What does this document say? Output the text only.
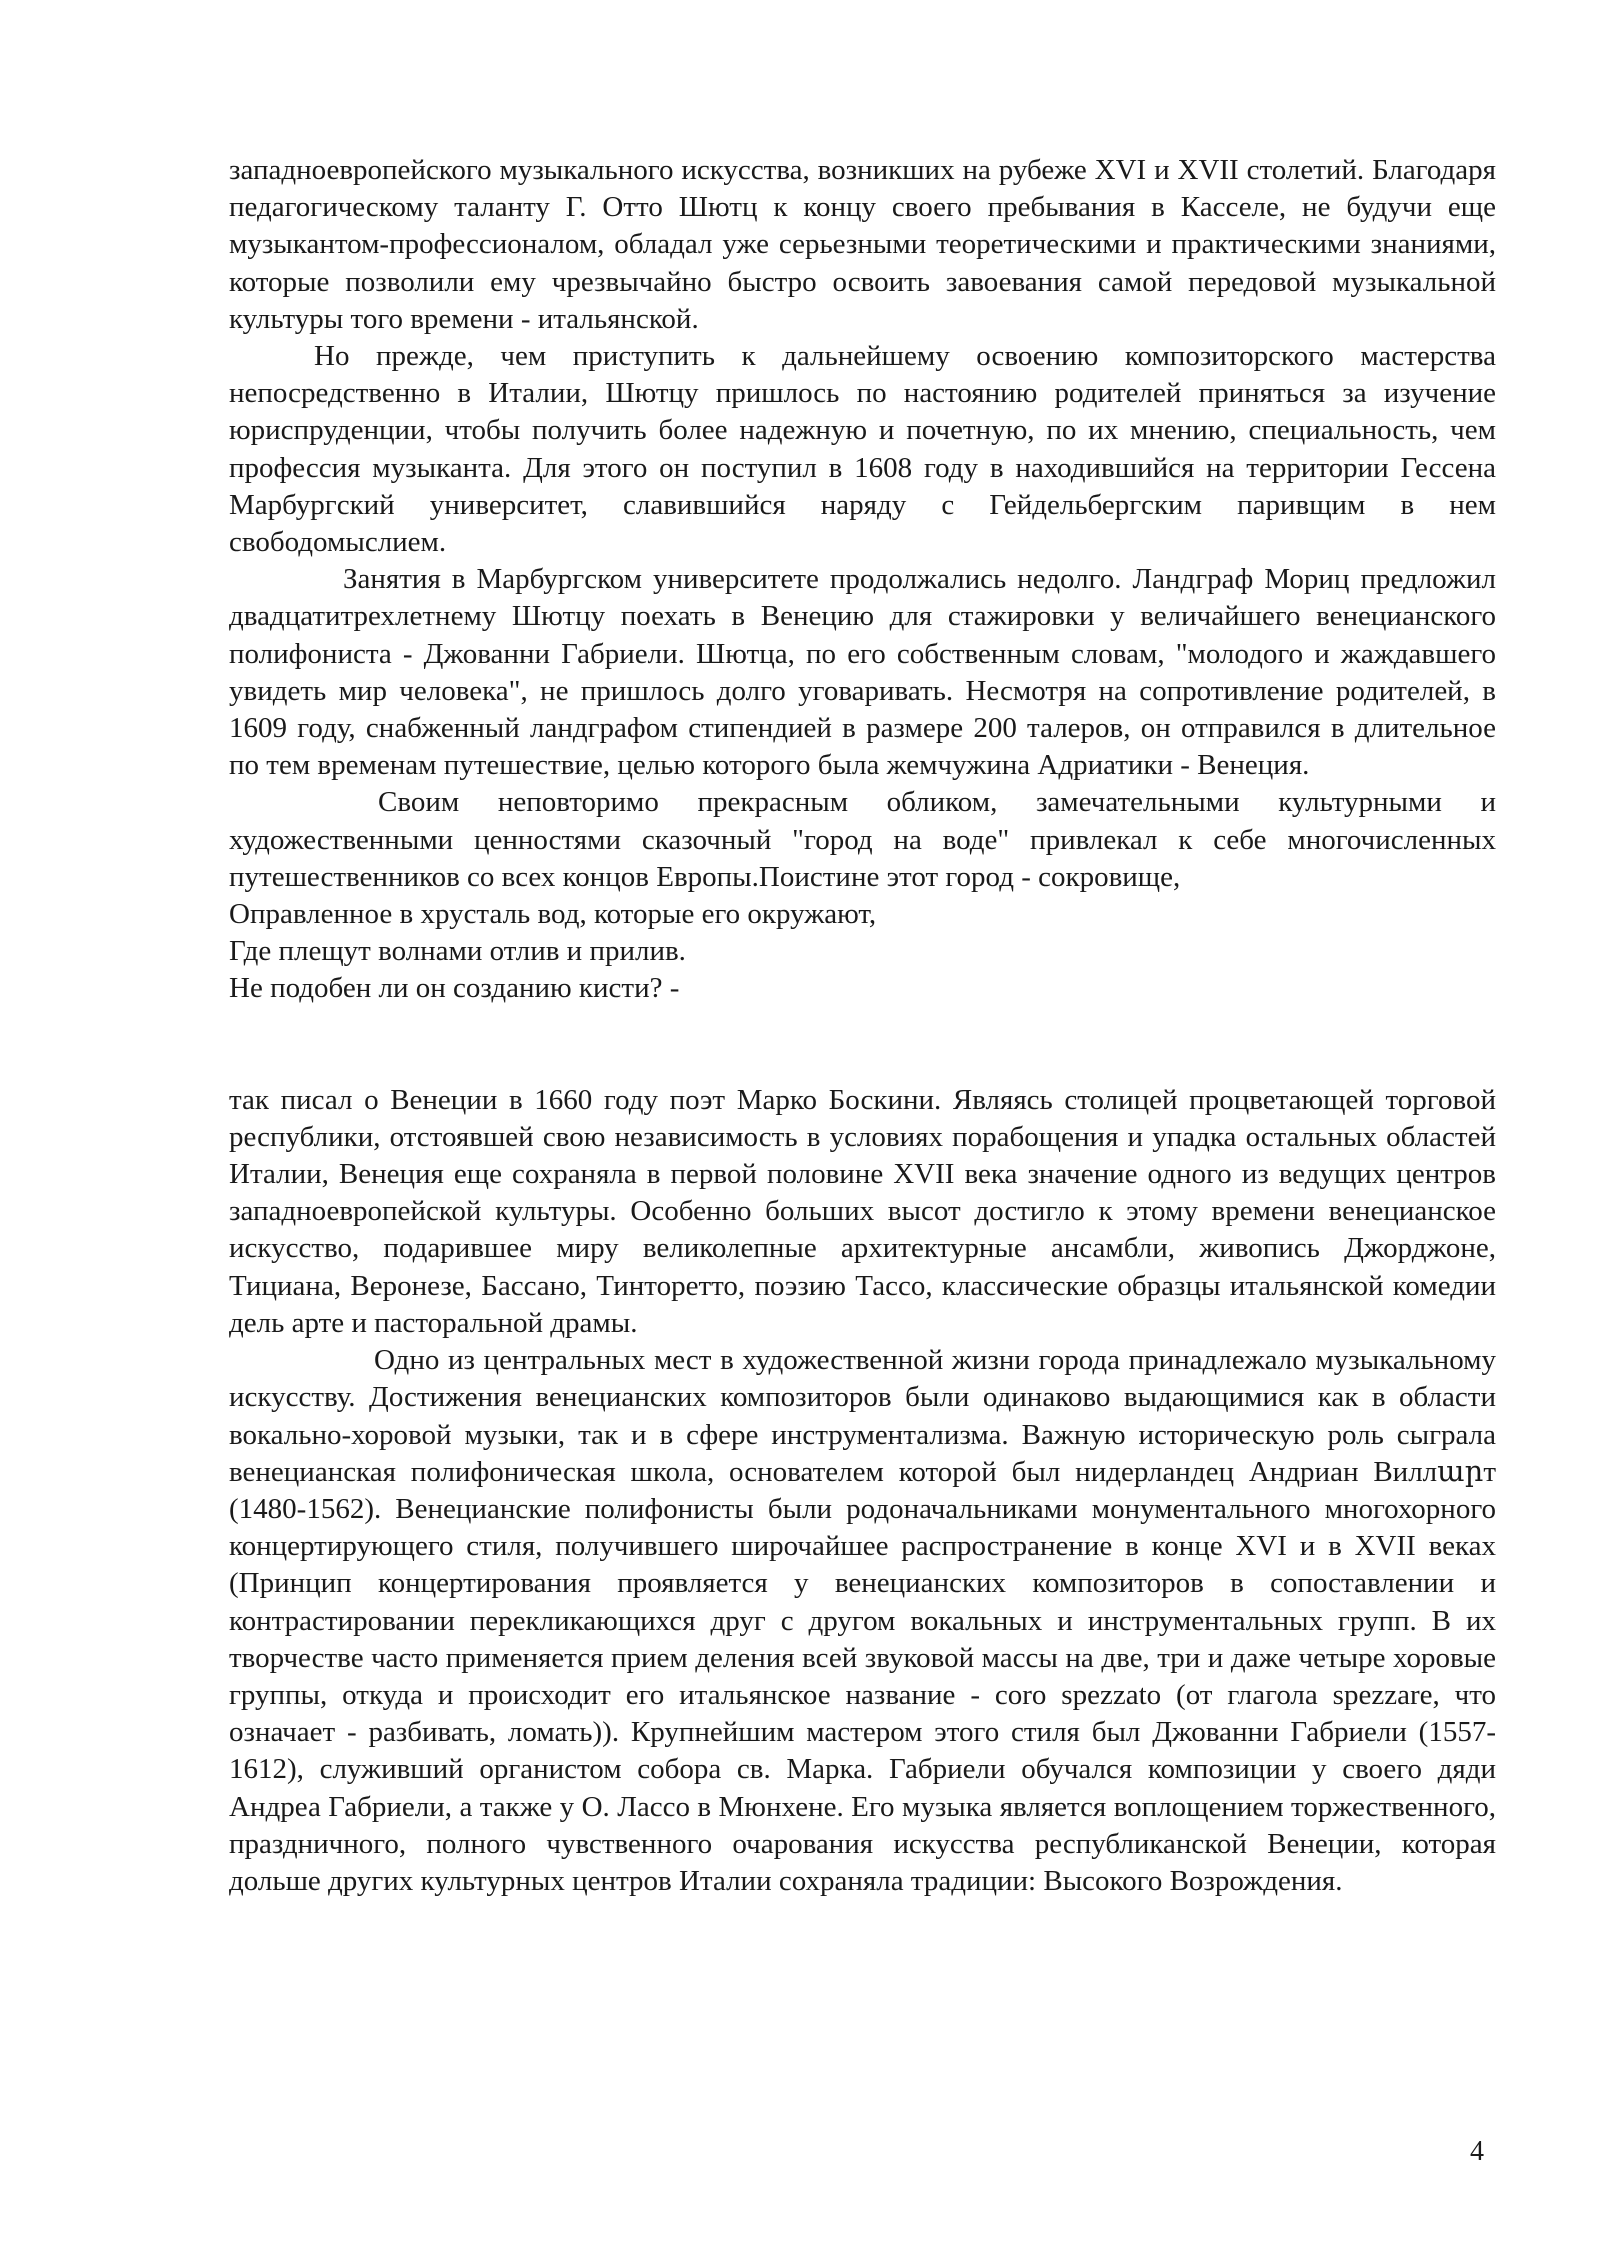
западноевропейского музыкального искусства, возникших на рубеже XVI и XVII столетий. Благодаря педагогическому таланту Г. Отто Шютц к концу своего пребывания в Касселе, не будучи еще музыкантом-профессионалом, обладал уже серьезными теоретическими и практическими знаниями, которые позволили ему чрезвычайно быстро освоить завоевания самой передовой музыкальной культуры того времени - итальянской.

Но прежде, чем приступить к дальнейшему освоению композиторского мастерства непосредственно в Италии, Шютцу пришлось по настоянию родителей приняться за изучение юриспруденции, чтобы получить более надежную и почетную, по их мнению, специальность, чем профессия музыканта. Для этого он поступил в 1608 году в находившийся на территории Гессена Марбургский университет, славившийся наряду с Гейдельбергским паривщим в нем свободомыслием.

Занятия в Марбургском университете продолжались недолго. Ландграф Мориц предложил двадцатитрехлетнему Шютцу поехать в Венецию для стажировки у величайшего венецианского полифониста - Джованни Габриели. Шютца, по его собственным словам, "молодого и жаждавшего увидеть мир человека", не пришлось долго уговаривать. Несмотря на сопротивление родителей, в 1609 году, снабженный ландграфом стипендией в размере 200 талеров, он отправился в длительное по тем временам путешествие, целью которого была жемчужина Адриатики - Венеция.

Своим неповторимо прекрасным обликом, замечательными культурными и художественными ценностями сказочный "город на воде" привлекал к себе многочисленных путешественников со всех концов Европы.Поистине этот город - сокровище,

Оправленное в хрусталь вод, которые его окружают,

Где плещут волнами отлив и прилив.

Не подобен ли он созданию кисти? -

так писал о Венеции в 1660 году поэт Марко Боскини. Являясь столицей процветающей торговой республики, отстоявшей свою независимость в условиях порабощения и упадка остальных областей Италии, Венеция еще сохраняла в первой половине XVII века значение одного из ведущих центров западноевропейской культуры. Особенно больших высот достигло к этому времени венецианское искусство, подарившее миру великолепные архитектурные ансамбли, живопись Джорджоне, Тициана, Веронезе, Бассано, Тинторетто, поэзию Тассо, классические образцы итальянской комедии дель арте и пасторальной драмы.

Одно из центральных мест в художественной жизни города принадлежало музыкальному искусству. Достижения венецианских композиторов были одинаково выдающимися как в области вокально-хоровой музыки, так и в сфере инструментализма. Важную историческую роль сыграла венецианская полифоническая школа, основателем которой был нидерландец Андриан Виллարт (1480-1562). Венецианские полифонисты были родоначальниками монументального многохорного концертирующего стиля, получившего широчайшее распространение в конце XVI и в XVII веках (Принцип концертирования проявляется у венецианских композиторов в сопоставлении и контрастировании перекликающихся друг с другом вокальных и инструментальных групп. В их творчестве часто применяется прием деления всей звуковой массы на две, три и даже четыре хоровые группы, откуда и происходит его итальянское название - coro spezzato (от глагола spezzare, что означает - разбивать, ломать)). Крупнейшим мастером этого стиля был Джованни Габриели (1557-1612), служивший органистом собора св. Марка. Габриели обучался композиции у своего дяди Андреа Габриели, а также у О. Лассо в Мюнхене. Его музыка является воплощением торжественного, праздничного, полного чувственного очарования искусства республиканской Венеции, которая дольше других культурных центров Италии сохраняла традиции: Высокого Возрождения.

4
